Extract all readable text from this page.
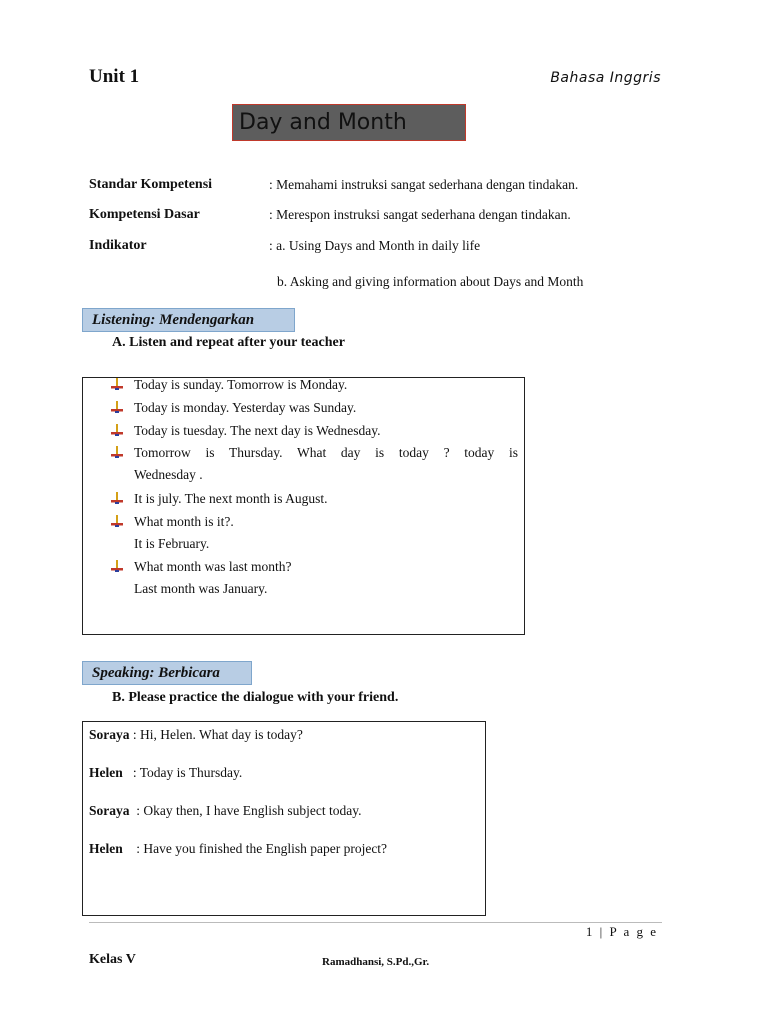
Unit 1	Bahasa Inggris
Day and Month
Standar Kompetensi	: Memahami instruksi sangat sederhana dengan tindakan.
Kompetensi Dasar	: Merespon instruksi sangat sederhana dengan tindakan.
Indikator	: a. Using Days and Month in daily life
b. Asking and giving information about Days and Month
Listening: Mendengarkan
A. Listen and repeat after your teacher
Today is sunday. Tomorrow is Monday.
Today is monday. Yesterday was Sunday.
Today is tuesday. The next day is Wednesday.
Tomorrow is Thursday. What day is today ? today is
Wednesday .
It is july. The next month is August.
What month is it?.
It is February.
What month was last month?
Last month was January.
Speaking: Berbicara
B. Please practice the dialogue with your friend.
Soraya : Hi, Helen. What day is today?
Helen   : Today is Thursday.
Soraya  : Okay then, I have English subject today.
Helen    : Have you finished the English paper project?
1 | P a g e
Kelas V	Ramadhansi, S.Pd.,Gr.
